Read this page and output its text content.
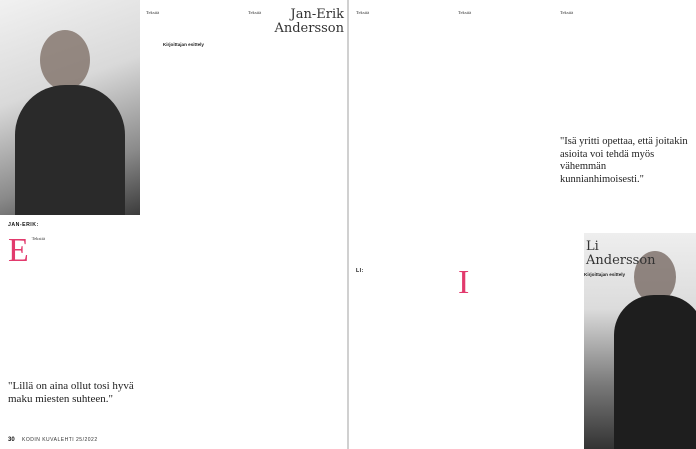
Jan-Erik
Andersson
Kirjoittajan esittely
JAN-ERIK:
E Tekstiä
"Lillä on aina ollut tosi hyvä maku miesten suhteen."
Tekstiä	Tekstiä
30 KODIN KUVALEHTI 25/2022
Tekstiä	Tekstiä	Tekstiä
"Isä yritti opettaa, että joitakin asioita voi tehdä myös vähemmän kunnianhimoisesti."
LI:	I
Li
Andersson
Kirjoittajan esittely
